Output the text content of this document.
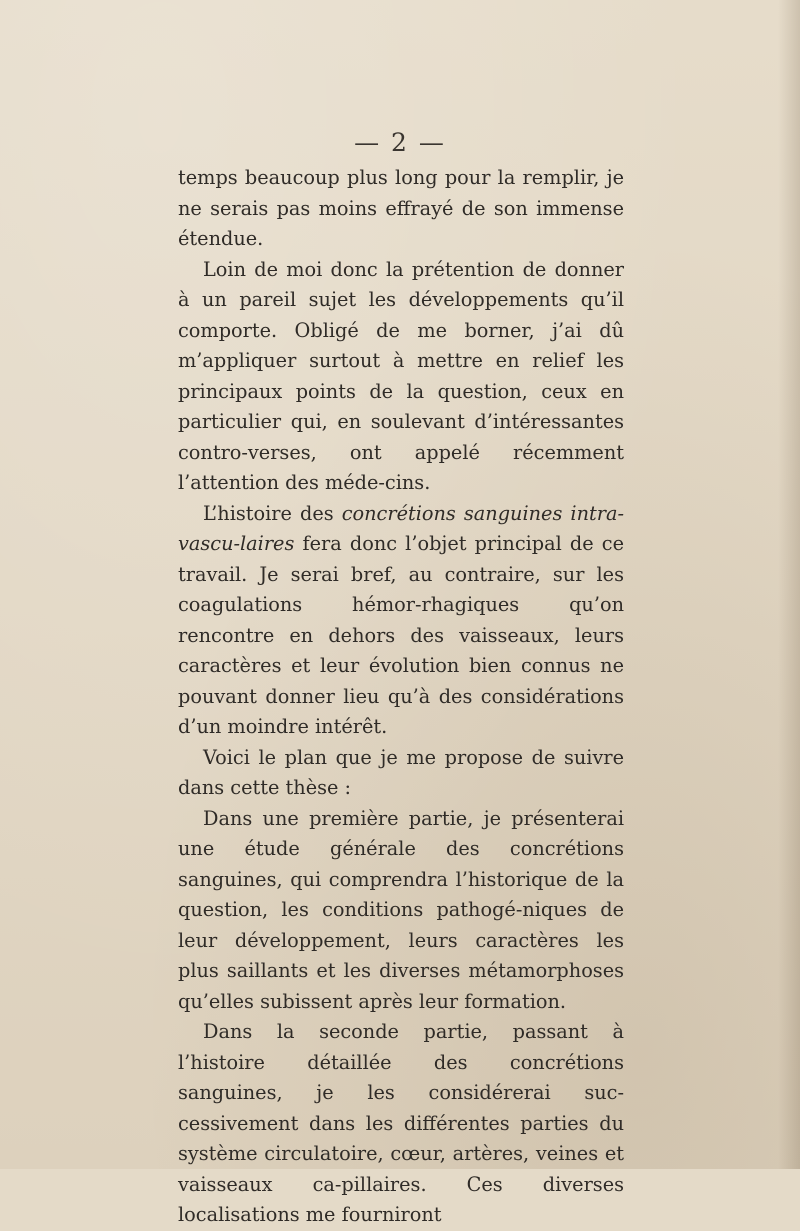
— 2 —

temps beaucoup plus long pour la remplir, je ne serais pas moins effrayé de son immense étendue.

Loin de moi donc la prétention de donner à un pareil sujet les développements qu’il comporte. Obligé de me borner, j’ai dû m’appliquer surtout à mettre en relief les principaux points de la question, ceux en particulier qui, en soulevant d’intéressantes contro-verses, ont appelé récemment l’attention des méde-cins.

L’histoire des concrétions sanguines intra-vascu-laires fera donc l’objet principal de ce travail. Je serai bref, au contraire, sur les coagulations hémor-rhagiques qu’on rencontre en dehors des vaisseaux, leurs caractères et leur évolution bien connus ne pouvant donner lieu qu’à des considérations d’un moindre intérêt.

Voici le plan que je me propose de suivre dans cette thèse :

Dans une première partie, je présenterai une étude générale des concrétions sanguines, qui comprendra l’historique de la question, les conditions pathogé-niques de leur développement, leurs caractères les plus saillants et les diverses métamorphoses qu’elles subissent après leur formation.

Dans la seconde partie, passant à l’histoire détaillée des concrétions sanguines, je les considérerai suc-cessivement dans les différentes parties du système circulatoire, cœur, artères, veines et vaisseaux ca-pillaires. Ces diverses localisations me fourniront
